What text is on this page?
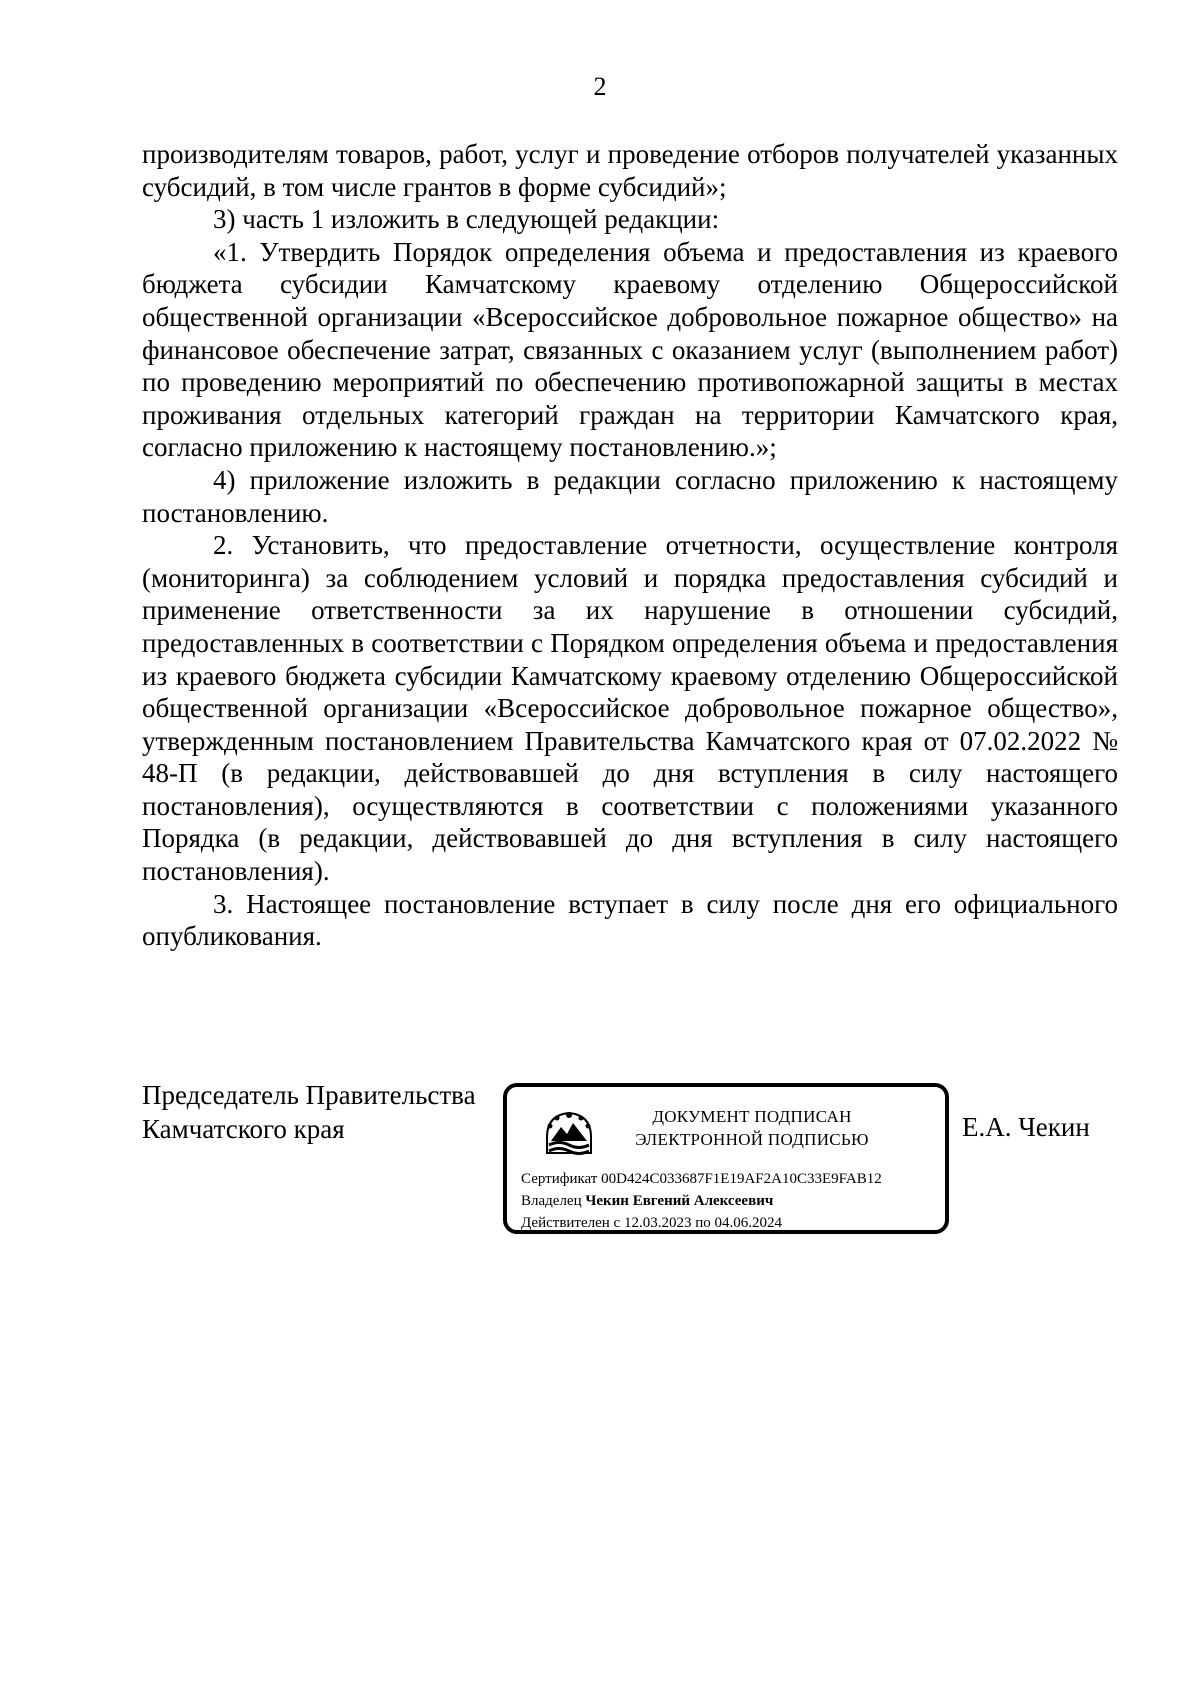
2

производителям товаров, работ, услуг и проведение отборов получателей указанных субсидий, в том числе грантов в форме субсидий»;

3) часть 1 изложить в следующей редакции:

«1. Утвердить Порядок определения объема и предоставления из краевого бюджета субсидии Камчатскому краевому отделению Общероссийской общественной организации «Всероссийское добровольное пожарное общество» на финансовое обеспечение затрат, связанных с оказанием услуг (выполнением работ) по проведению мероприятий по обеспечению противопожарной защиты в местах проживания отдельных категорий граждан на территории Камчатского края, согласно приложению к настоящему постановлению.»;

4) приложение изложить в редакции согласно приложению к настоящему постановлению.

2. Установить, что предоставление отчетности, осуществление контроля (мониторинга) за соблюдением условий и порядка предоставления субсидий и применение ответственности за их нарушение в отношении субсидий, предоставленных в соответствии с Порядком определения объема и предоставления из краевого бюджета субсидии Камчатскому краевому отделению Общероссийской общественной организации «Всероссийское добровольное пожарное общество», утвержденным постановлением Правительства Камчатского края от 07.02.2022 № 48-П (в редакции, действовавшей до дня вступления в силу настоящего постановления), осуществляются в соответствии с положениями указанного Порядка (в редакции, действовавшей до дня вступления в силу настоящего постановления).

3. Настоящее постановление вступает в силу после дня его официального опубликования.

Председатель Правительства
Камчатского края	ДОКУМЕНТ ПОДПИСАН
ЭЛЕКТРОННОЙ ПОДПИСЬЮ
Сертификат 00D424C033687F1E19AF2A10C33E9FAB12
Владелец Чекин Евгений Алексеевич
Действителен с 12.03.2023 по 04.06.2024
Е.А. Чекин
